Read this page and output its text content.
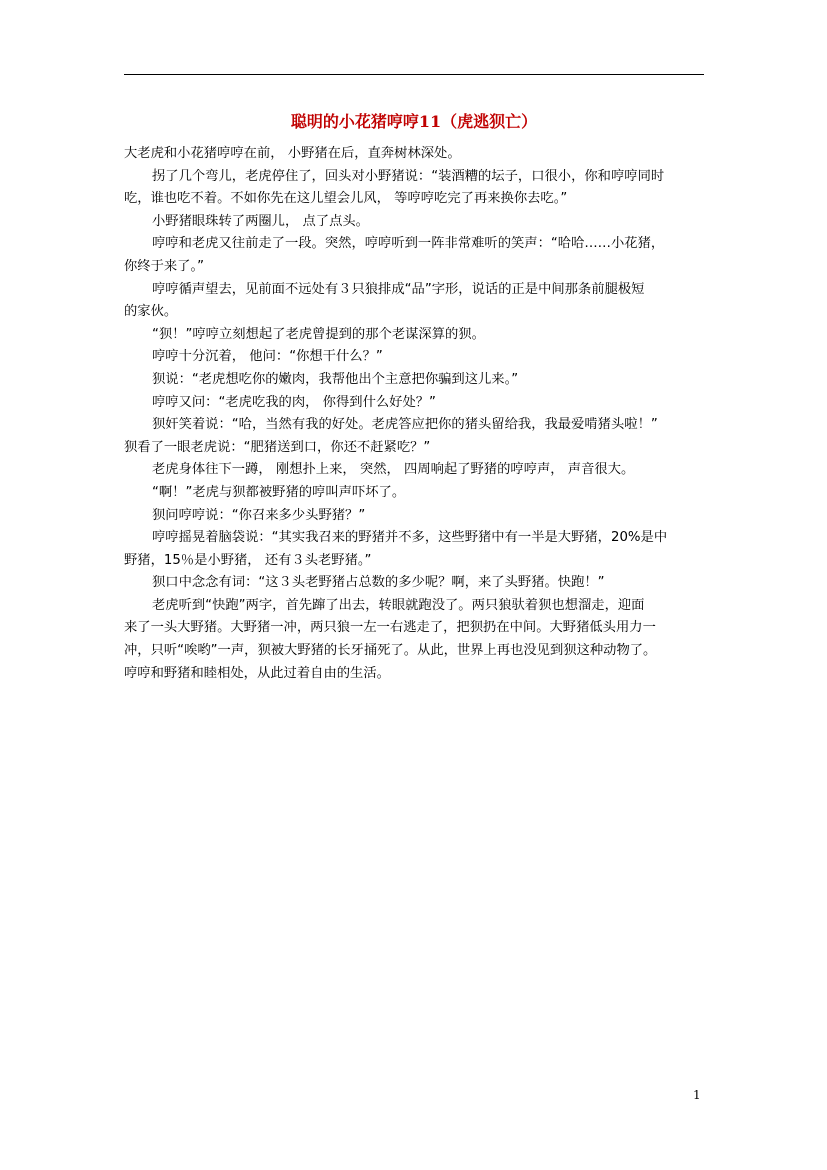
聪明的小花猪哼哼11（虎逃狈亡）
大老虎和小花猪哼哼在前， 小野猪在后，直奔树林深处。
拐了几个弯儿，老虎停住了，回头对小野猪说：“装酒糟的坛子，口很小，你和哼哼同时
吃，谁也吃不着。不如你先在这儿望会儿风， 等哼哼吃完了再来换你去吃。”
小野猪眼珠转了两圈儿， 点了点头。
哼哼和老虎又往前走了一段。突然，哼哼听到一阵非常难听的笑声：“哈哈……小花猪，
你终于来了。”
哼哼循声望去，见前面不远处有３只狼排成“品”字形，说话的正是中间那条前腿极短
的家伙。
“狈！”哼哼立刻想起了老虎曾提到的那个老谋深算的狈。
哼哼十分沉着， 他问：“你想干什么？”
狈说：“老虎想吃你的嫩肉，我帮他出个主意把你骗到这儿来。”
哼哼又问：“老虎吃我的肉， 你得到什么好处？”
狈奸笑着说：“哈，当然有我的好处。老虎答应把你的猪头留给我，我最爱啃猪头啦！”
狈看了一眼老虎说：“肥猪送到口，你还不赶紧吃？”
老虎身体往下一蹲， 刚想扑上来， 突然， 四周响起了野猪的哼哼声， 声音很大。
“啊！”老虎与狈都被野猪的哼叫声吓坏了。
狈问哼哼说：“你召来多少头野猪？”
哼哼摇晃着脑袋说：“其实我召来的野猪并不多，这些野猪中有一半是大野猪，20%是中
野猪，15％是小野猪， 还有３头老野猪。”
狈口中念念有词：“这３头老野猪占总数的多少呢？啊，来了头野猪。快跑！”
老虎听到“快跑”两字，首先蹿了出去，转眼就跑没了。两只狼驮着狈也想溜走，迎面
来了一头大野猪。大野猪一冲，两只狼一左一右逃走了，把狈扔在中间。大野猪低头用力一
冲，只听“唉哟”一声，狈被大野猪的长牙捅死了。从此，世界上再也没见到狈这种动物了。
哼哼和野猪和睦相处，从此过着自由的生活。
1
